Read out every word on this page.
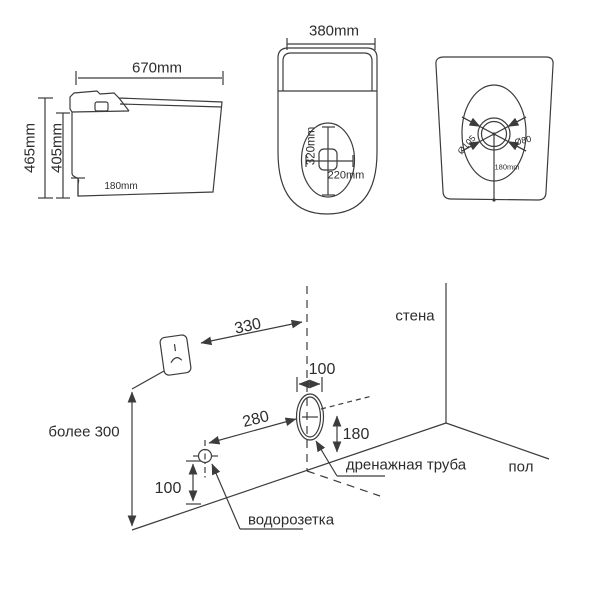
670mm
465mm 405mm
180mm
380mm
320mm
220mm
Ø105	Ø80
180mm
330
более 300
280
100
180
100
стена
пол
дренажная труба
водорозетка
